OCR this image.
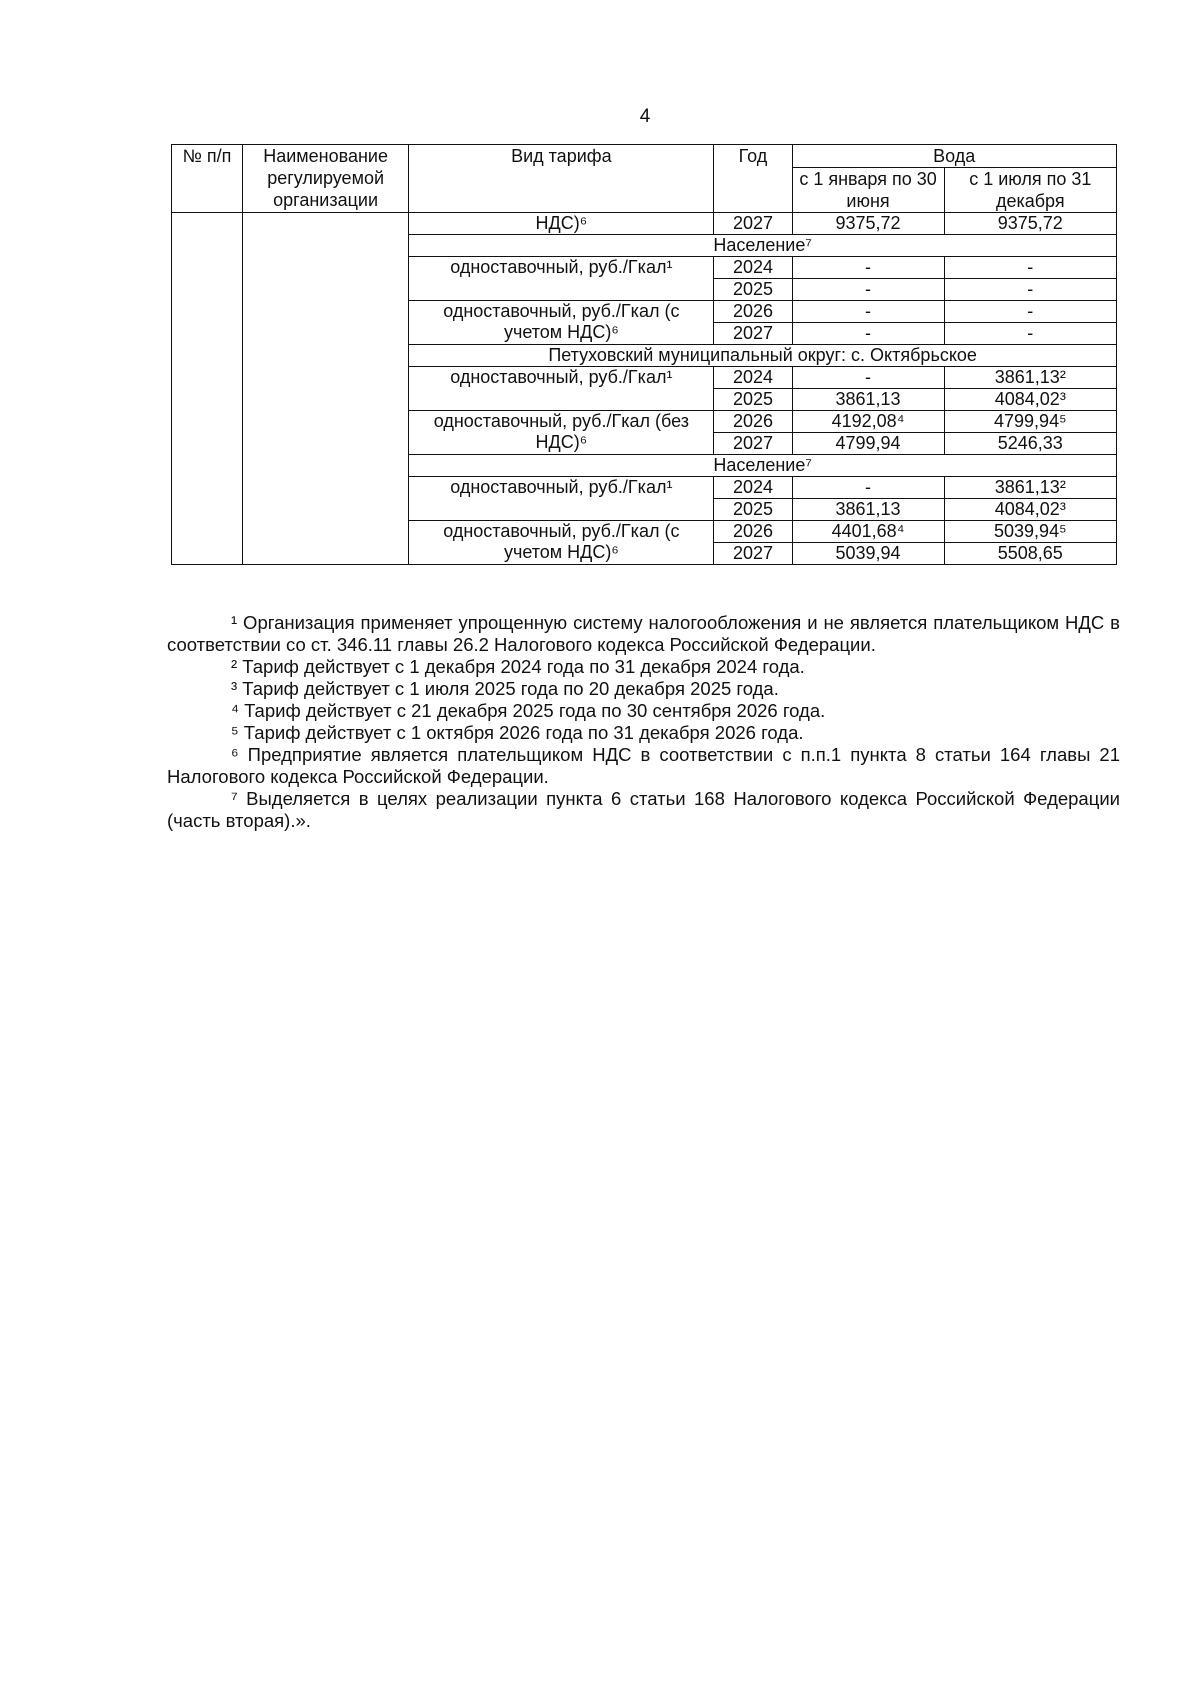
4
№ п/п	Наименование регулируемой организации	Вид тарифа	Год	Вода	
				с 1 января по 30 июня	с 1 июля по 31 декабря
		НДС)⁶	2027	9375,72	9375,72
		Население⁷			
		одноставочный, руб./Гкал¹	2024	-	-
			2025	-	-
		одноставочный, руб./Гкал (с учетом НДС)⁶	2026	-	-
			2027	-	-
		Петуховский муниципальный округ: с. Октябрьское			
		одноставочный, руб./Гкал¹	2024	-	3861,13²
			2025	3861,13	4084,02³
		одноставочный, руб./Гкал (без НДС)⁶	2026	4192,08⁴	4799,94⁵
			2027	4799,94	5246,33
		Население⁷			
		одноставочный, руб./Гкал¹	2024	-	3861,13²
			2025	3861,13	4084,02³
		одноставочный, руб./Гкал (с учетом НДС)⁶	2026	4401,68⁴	5039,94⁵
			2027	5039,94	5508,65

¹ Организация применяет упрощенную систему налогообложения и не является плательщиком НДС в соответствии со ст. 346.11 главы 26.2 Налогового кодекса Российской Федерации.

² Тариф действует с 1 декабря 2024 года по 31 декабря 2024 года.

³ Тариф действует с 1 июля 2025 года по 20 декабря 2025 года.

⁴ Тариф действует с 21 декабря 2025 года по 30 сентября 2026 года.

⁵ Тариф действует с 1 октября 2026 года по 31 декабря 2026 года.

⁶ Предприятие является плательщиком НДС в соответствии с п.п.1 пункта 8 статьи 164 главы 21 Налогового кодекса Российской Федерации.

⁷ Выделяется в целях реализации пункта 6 статьи 168 Налогового кодекса Российской Федерации (часть вторая).».
